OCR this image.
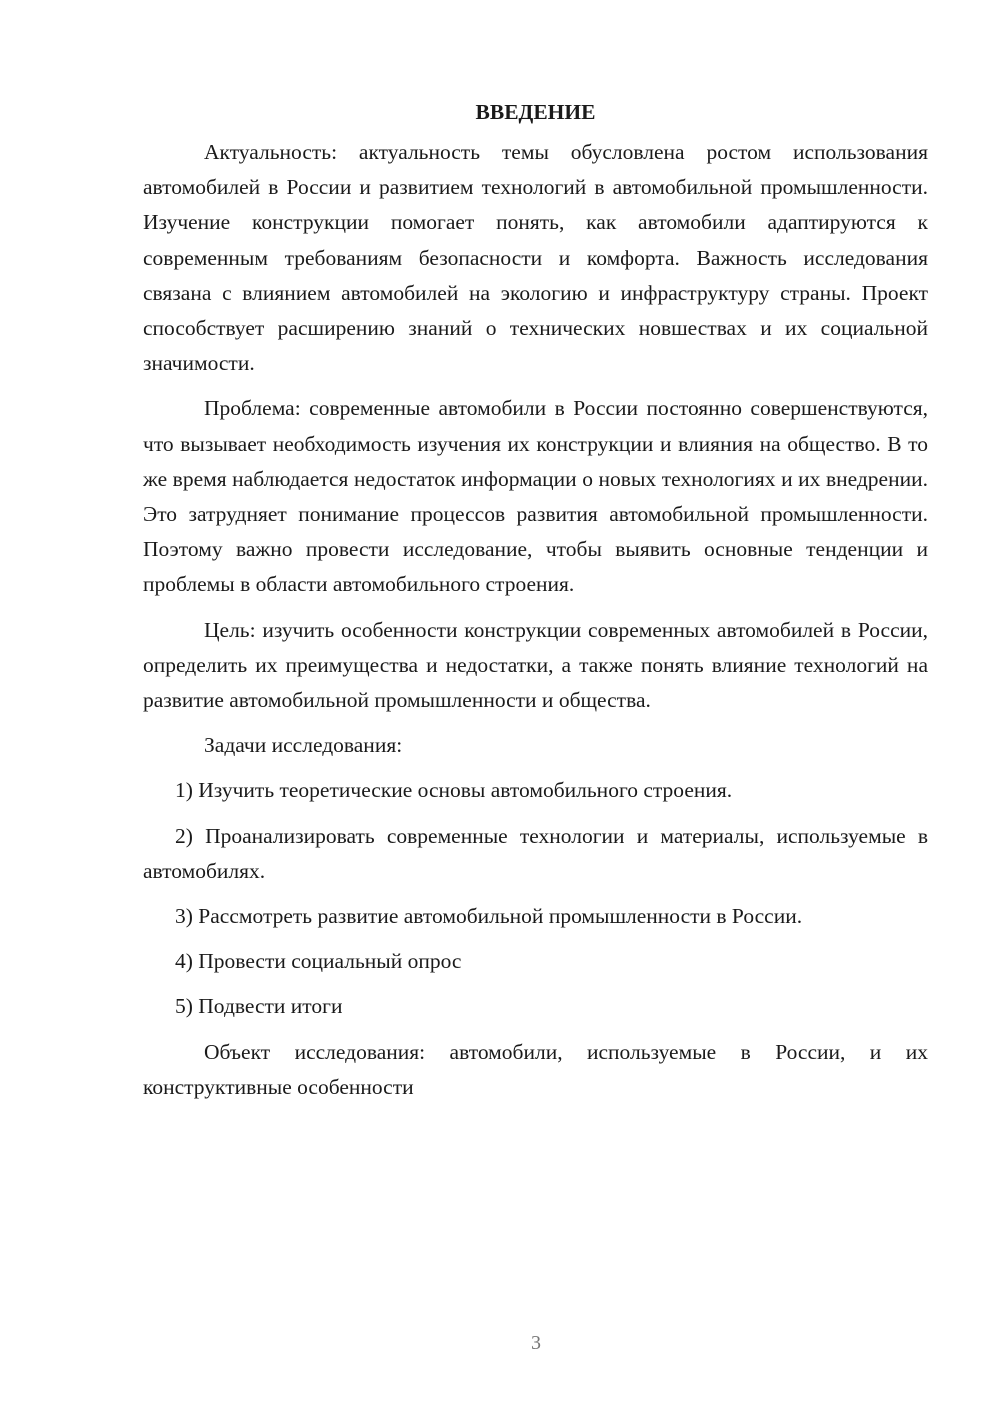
ВВЕДЕНИЕ

Актуальность: актуальность темы обусловлена ростом использования автомобилей в России и развитием технологий в автомобильной промышленности. Изучение конструкции помогает понять, как автомобили адаптируются к современным требованиям безопасности и комфорта. Важность исследования связана с влиянием автомобилей на экологию и инфраструктуру страны. Проект способствует расширению знаний о технических новшествах и их социальной значимости.

Проблема: современные автомобили в России постоянно совершенствуются, что вызывает необходимость изучения их конструкции и влияния на общество. В то же время наблюдается недостаток информации о новых технологиях и их внедрении. Это затрудняет понимание процессов развития автомобильной промышленности. Поэтому важно провести исследование, чтобы выявить основные тенденции и проблемы в области автомобильного строения.

Цель: изучить особенности конструкции современных автомобилей в России, определить их преимущества и недостатки, а также понять влияние технологий на развитие автомобильной промышленности и общества.

Задачи исследования:

1) Изучить теоретические основы автомобильного строения.

2) Проанализировать современные технологии и материалы, используемые в автомобилях.

3) Рассмотреть развитие автомобильной промышленности в России.

4) Провести социальный опрос

5) Подвести итоги

Объект исследования: автомобили, используемые в России, и их конструктивные особенности

3
